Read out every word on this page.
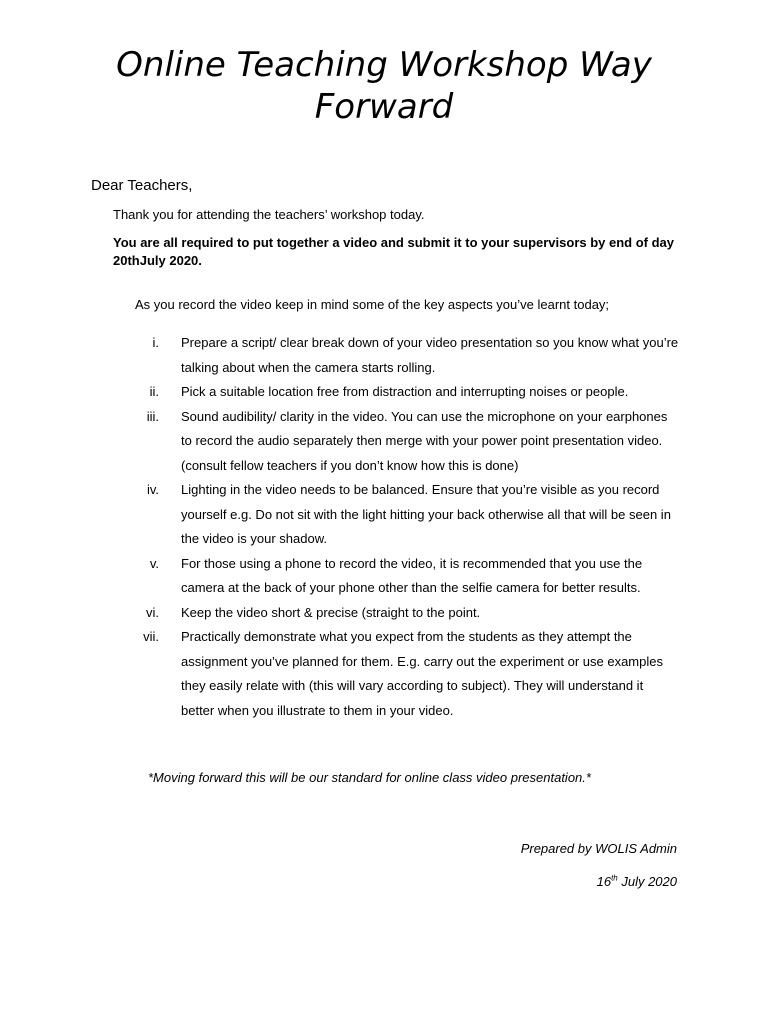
Online Teaching Workshop Way Forward

Dear Teachers,

Thank you for attending the teachers’ workshop today.

You are all required to put together a video and submit it to your supervisors by end of day 20thJuly 2020.

As you record the video keep in mind some of the key aspects you’ve learnt today;

i. Prepare a script/ clear break down of your video presentation so you know what you’re talking about when the camera starts rolling.
ii. Pick a suitable location free from distraction and interrupting noises or people.
iii. Sound audibility/ clarity in the video. You can use the microphone on your earphones to record the audio separately then merge with your power point presentation video. (consult fellow teachers if you don’t know how this is done)
iv. Lighting in the video needs to be balanced. Ensure that you’re visible as you record yourself e.g. Do not sit with the light hitting your back otherwise all that will be seen in the video is your shadow.
v. For those using a phone to record the video, it is recommended that you use the camera at the back of your phone other than the selfie camera for better results.
vi. Keep the video short & precise (straight to the point.
vii. Practically demonstrate what you expect from the students as they attempt the assignment you’ve planned for them. E.g. carry out the experiment or use examples they easily relate with (this will vary according to subject). They will understand it better when you illustrate to them in your video.

*Moving forward this will be our standard for online class video presentation.*

Prepared by WOLIS Admin

16th July 2020
